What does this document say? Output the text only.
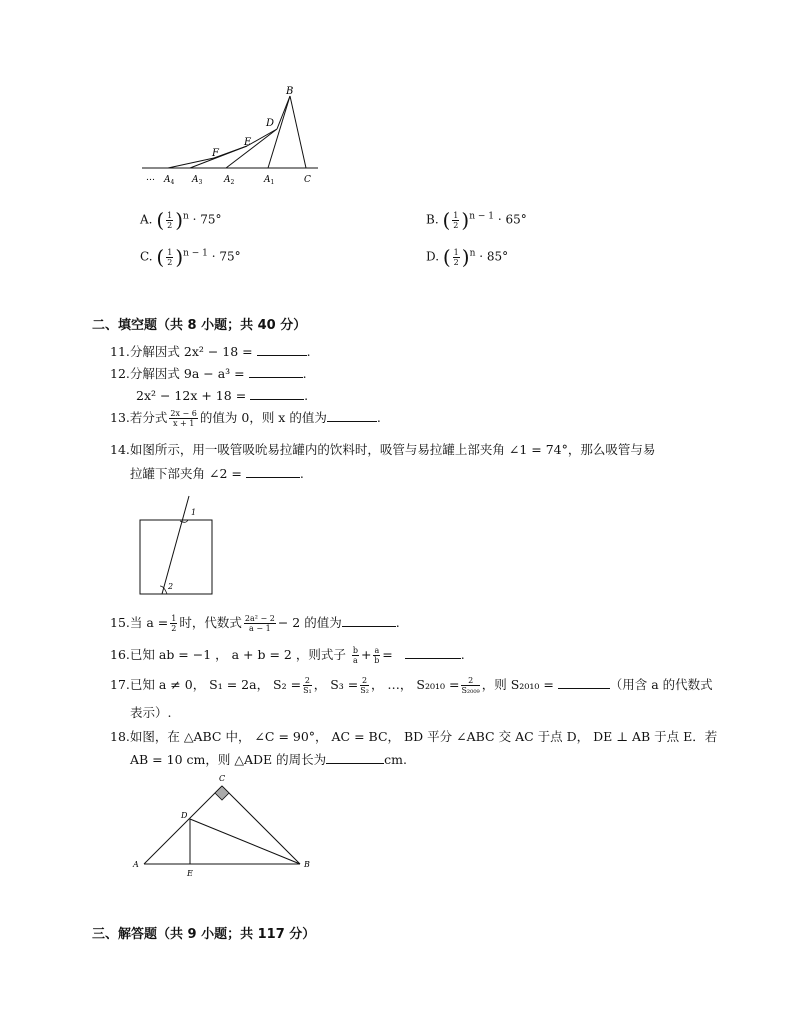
B
D
E
F
… $A_4$ $A_3$ $A_2$	$A_1$	C
A. ( $\frac{1}{2} )^n \cdot 75^\circ$	B. ( $\frac{1}{2} )^{n - 1} \cdot 65^\circ$
C. ( $\frac{1}{2} )^{n - 1} \cdot 75^\circ$	D. ( $\frac{1}{2} )^n \cdot 85^\circ$
二、填空题（共 8 小题；共 40 分）
11.分解因式 2x² − 18 =	.
12.分解因式 9a − a³ =	.
2x² − 12x + 18 =	.
13.若分式 $\frac{2x - 6}{x + 1}$ 的值为 0，则 x 的值为	.
14.如图所示，用一吸管吸吮易拉罐内的饮料时，吸管与易拉罐上部夹角 ∠1 = 74°，那么吸管与易
拉罐下部夹角 ∠2 =	.
1
2
15.当 $a = \frac{1}{2}$ 时，代数式 $\frac{\text{2a² − 2}}{a - 1} - 2$ 的值为	.
16.已知 ab = −1 ， a + b = 2 ，则式子 $\frac{b}{a} + \frac{a}{b}$ =	.
17.已知 a ≠ 0， S₁ = 2a， $S_2 = \frac{2}{\text{S₁}}$ ， $S_3 = \frac{2}{\text{S₂}}$ ， …， $S_{2010} = \frac{2}{\text{S₂₀₀₉}}$ ，则 S₂₀₁₀ =	（用含 a 的代数式
表示）.
18.如图，在 △ABC 中， ∠C = 90°， AC = BC， BD 平分 ∠ABC 交 AC 于点 D， DE ⊥ AB 于点 E．若
AB = 10 cm，则 △ADE 的周长为	cm.
C
D
A
E
B
三、解答题（共 9 小题；共 117 分）
